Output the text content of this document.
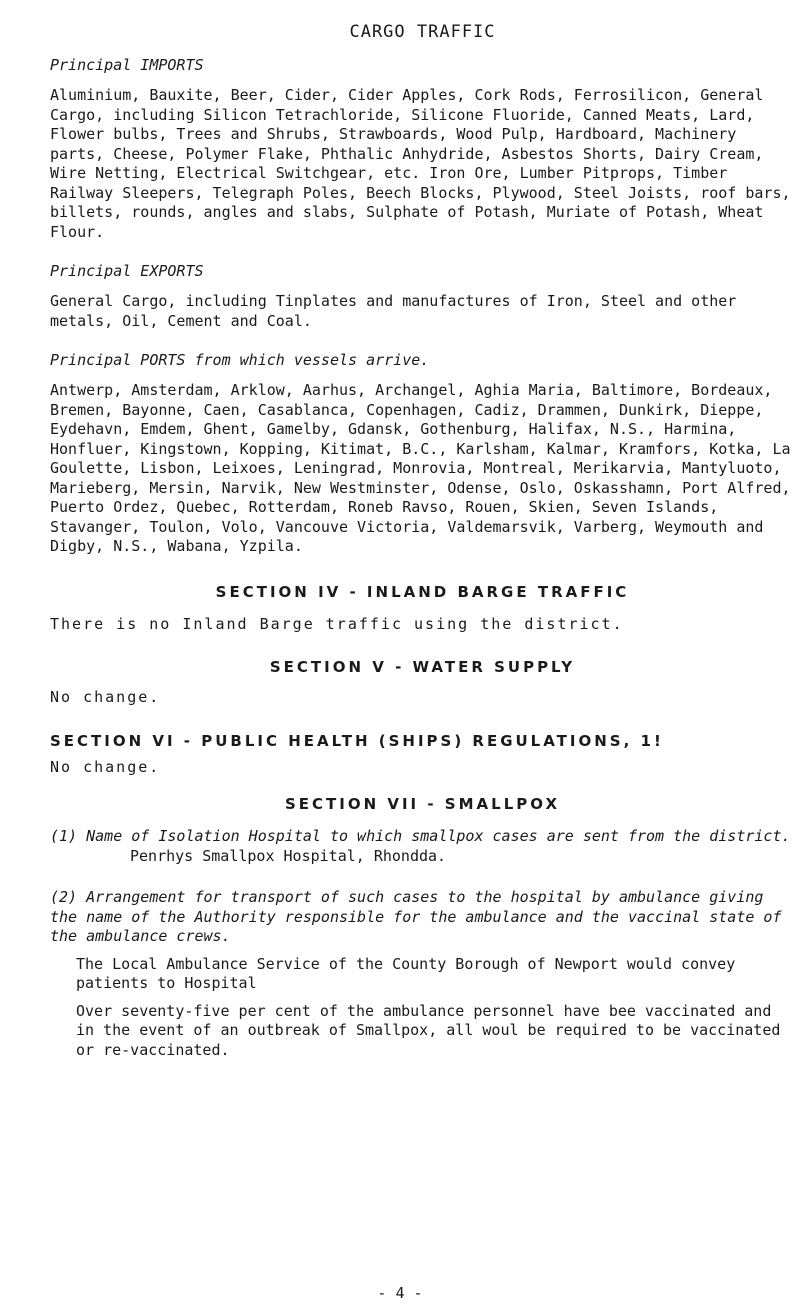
CARGO TRAFFIC
Principal IMPORTS

Aluminium, Bauxite, Beer, Cider, Cider Apples, Cork Rods, Ferrosilicon, General Cargo, including Silicon Tetrachloride, Silicone Fluoride, Canned Meats, Lard, Flower bulbs, Trees and Shrubs, Strawboards, Wood Pulp, Hardboard, Machinery parts, Cheese, Polymer Flake, Phthalic Anhydride, Asbestos Shorts, Dairy Cream, Wire Netting, Electrical Switchgear, etc. Iron Ore, Lumber Pitprops, Timber Railway Sleepers, Telegraph Poles, Beech Blocks, Plywood, Steel Joists, roof bars, billets, rounds, angles and slabs, Sulphate of Potash, Muriate of Potash, Wheat Flour.

Principal EXPORTS

General Cargo, including Tinplates and manufactures of Iron, Steel and other metals, Oil, Cement and Coal.

Principal PORTS from which vessels arrive.

Antwerp, Amsterdam, Arklow, Aarhus, Archangel, Aghia Maria, Baltimore, Bordeaux, Bremen, Bayonne, Caen, Casablanca, Copenhagen, Cadiz, Drammen, Dunkirk, Dieppe, Eydehavn, Emdem, Ghent, Gamelby, Gdansk, Gothenburg, Halifax, N.S., Harmina, Honfluer, Kingstown, Kopping, Kitimat, B.C., Karlsham, Kalmar, Kramfors, Kotka, La Goulette, Lisbon, Leixoes, Leningrad, Monrovia, Montreal, Merikarvia, Mantyluoto, Marieberg, Mersin, Narvik, New Westminster, Odense, Oslo, Oskasshamn, Port Alfred, Puerto Ordez, Quebec, Rotterdam, Roneb Ravso, Rouen, Skien, Seven Islands, Stavanger, Toulon, Volo, Vancouve Victoria, Valdemarsvik, Varberg, Weymouth and Digby, N.S., Wabana, Yzpila.

SECTION IV - INLAND BARGE TRAFFIC

There is no Inland Barge traffic using the district.

SECTION V - WATER SUPPLY

No change.

SECTION VI - PUBLIC HEALTH (SHIPS) REGULATIONS, 1!

No change.

SECTION VII - SMALLPOX

(1) Name of Isolation Hospital to which smallpox cases are sent from the district.

Penrhys Smallpox Hospital, Rhondda.

(2) Arrangement for transport of such cases to the hospital by ambulance giving the name of the Authority responsible for the ambulance and the vaccinal state of the ambulance crews.

The Local Ambulance Service of the County Borough of Newport would convey patients to Hospital

Over seventy-five per cent of the ambulance personnel have bee vaccinated and in the event of an outbreak of Smallpox, all woul be required to be vaccinated or re-vaccinated.

- 4 -
